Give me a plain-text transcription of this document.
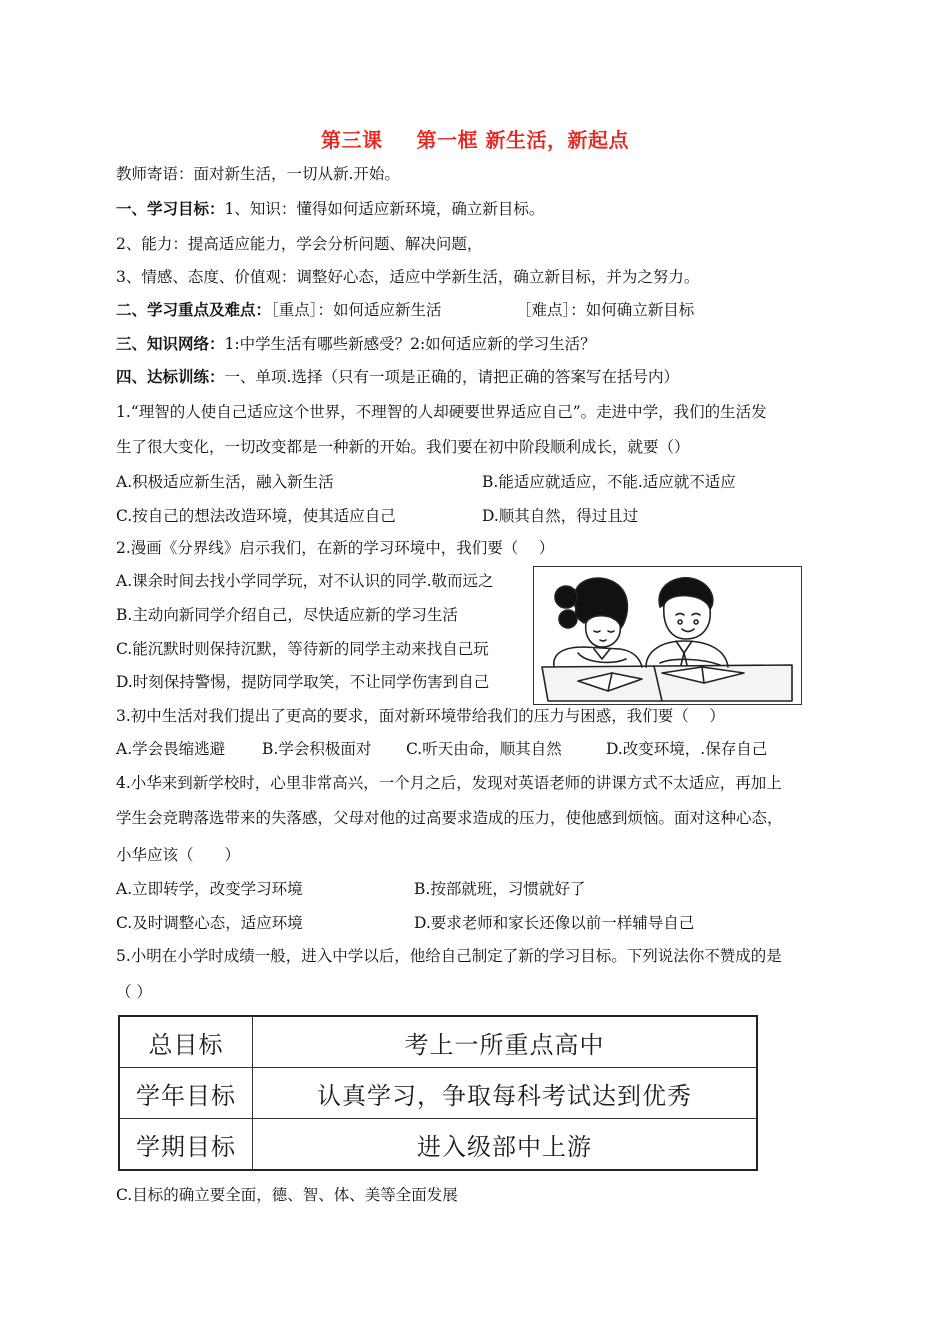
第三课 第一框 新生活，新起点
教师寄语：面对新生活，一切从新.开始。
一、学习目标：1、知识：懂得如何适应新环境，确立新目标。
2、能力：提高适应能力，学会分析问题、解决问题，
3、情感、态度、价值观：调整好心态，适应中学新生活，确立新目标，并为之努力。
二、学习重点及难点：［重点］：如何适应新生活	［难点］：如何确立新目标
三、知识网络：1:中学生活有哪些新感受？2:如何适应新的学习生活？
四、达标训练：一、单项.选择（只有一项是正确的，请把正确的答案写在括号内）
1.“理智的人使自己适应这个世界，不理智的人却硬要世界适应自己”。走进中学，我们的生活发
生了很大变化，一切改变都是一种新的开始。我们要在初中阶段顺利成长，就要（）
A.积极适应新生活，融入新生活	B.能适应就适应，不能.适应就不适应
C.按自己的想法改造环境，使其适应自己	D.顺其自然，得过且过
2.漫画《分界线》启示我们，在新的学习环境中，我们要（　 ）
A.课余时间去找小学同学玩，对不认识的同学.敬而远之
B.主动向新同学介绍自己，尽快适应新的学习生活
C.能沉默时则保持沉默，等待新的同学主动来找自己玩
D.时刻保持警惕，提防同学取笑，不让同学伤害到自己
3.初中生活对我们提出了更高的要求，面对新环境带给我们的压力与困惑，我们要（　 ）
A.学会畏缩逃避 B.学会积极面对 C.听天由命，顺其自然	D.改变环境，.保存自己
4.小华来到新学校时，心里非常高兴，一个月之后，发现对英语老师的讲课方式不太适应，再加上
学生会竞聘落选带来的失落感，父母对他的过高要求造成的压力，使他感到烦恼。面对这种心态，
小华应该（　　）
A.立即转学，改变学习环境	B.按部就班，习惯就好了
C.及时调整心态，适应环境	D.要求老师和家长还像以前一样辅导自己
5.小明在小学时成绩一般，进入中学以后，他给自己制定了新的学习目标。下列说法你不赞成的是
（ ）
总目标	考上一所重点高中
学年目标	认真学习，争取每科考试达到优秀
学期目标	进入级部中上游
C.目标的确立要全面，德、智、体、美等全面发展
